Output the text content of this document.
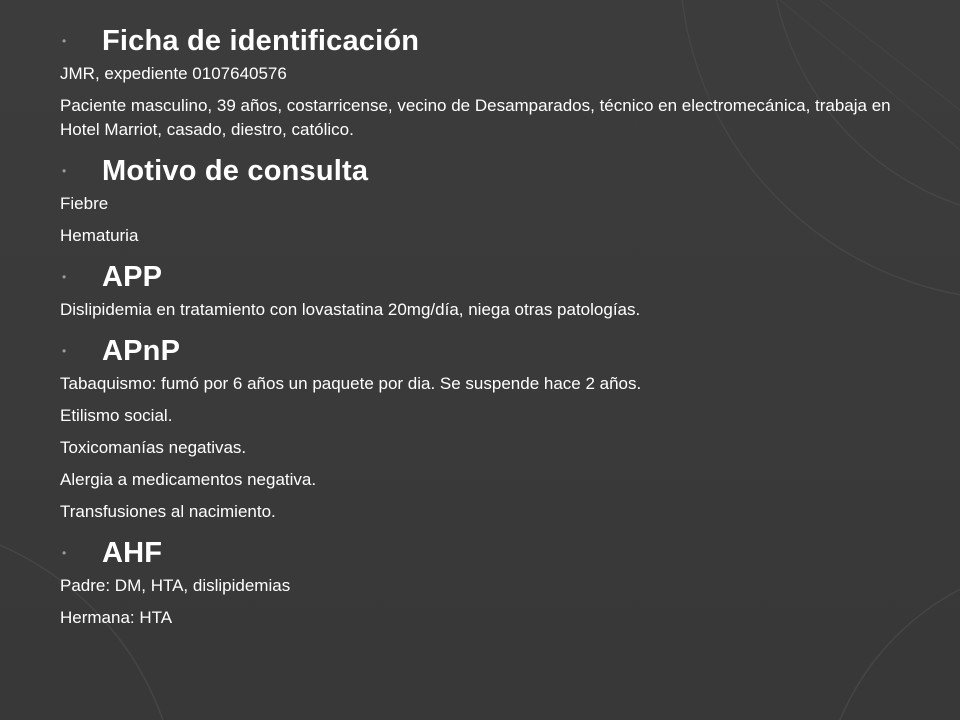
• Ficha de identificación

JMR, expediente 0107640576

Paciente masculino, 39 años, costarricense, vecino de Desamparados, técnico en electromecánica, trabaja en Hotel Marriot, casado, diestro, católico.

• Motivo de consulta

Fiebre

Hematuria

• APP

Dislipidemia en tratamiento con lovastatina 20mg/día, niega otras patologías.

• APnP

Tabaquismo: fumó por 6 años un paquete por dia. Se suspende hace 2 años.

Etilismo social.

Toxicomanías negativas.

Alergia a medicamentos negativa.

Transfusiones al nacimiento.

• AHF

Padre: DM, HTA, dislipidemias

Hermana: HTA
